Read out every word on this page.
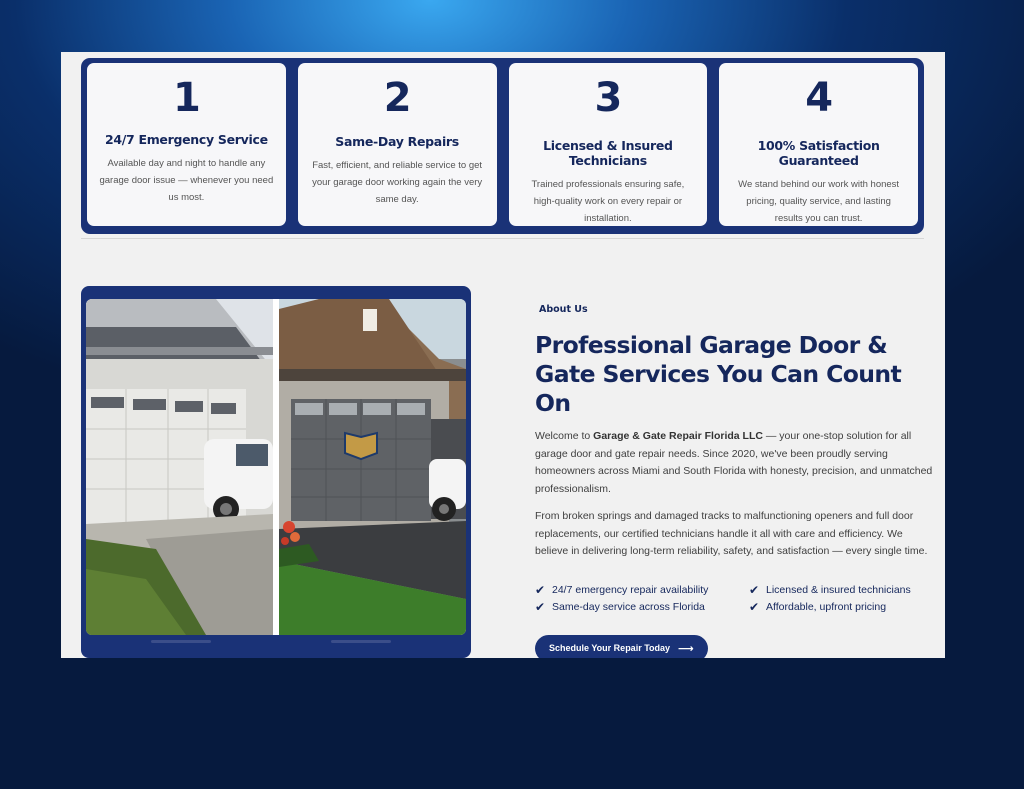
1
24/7 Emergency Service
Available day and night to handle any garage door issue — whenever you need us most.
2
Same-Day Repairs
Fast, efficient, and reliable service to get your garage door working again the very same day.
3
Licensed & Insured Technicians
Trained professionals ensuring safe, high-quality work on every repair or installation.
4
100% Satisfaction Guaranteed
We stand behind our work with honest pricing, quality service, and lasting results you can trust.
About Us
Professional Garage Door & Gate Services You Can Count On

Welcome to Garage & Gate Repair Florida LLC — your one-stop solution for all garage door and gate repair needs. Since 2020, we've been proudly serving homeowners across Miami and South Florida with honesty, precision, and unmatched professionalism.

From broken springs and damaged tracks to malfunctioning openers and full door replacements, our certified technicians handle it all with care and efficiency. We believe in delivering long-term reliability, safety, and satisfaction — every single time.

✔ 24/7 emergency repair availability	✔ Licensed & insured technicians
✔ Same-day service across Florida	✔ Affordable, upfront pricing
Schedule Your Repair Today ⟶
